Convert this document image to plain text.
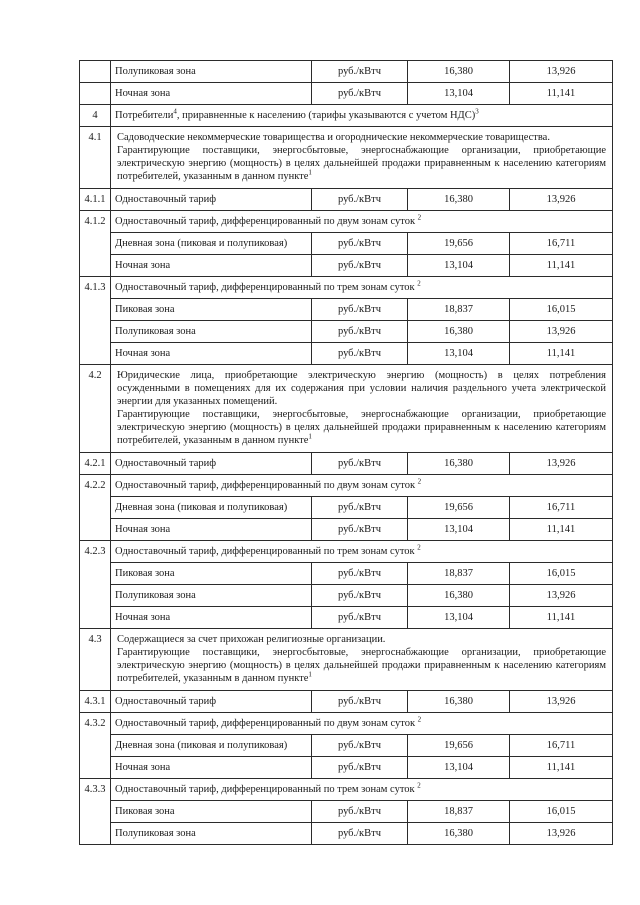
	Полупиковая зона	руб./кВтч	16,380	13,926
	Ночная зона	руб./кВтч	13,104	11,141
4	Потребители$^4$, приравненные к населению (тарифы указываются с учетом НДС)$^3$
4.1	Садоводческие некоммерческие товарищества и огороднические некоммерческие товарищества.

Гарантирующие поставщики, энергосбытовые, энергоснабжающие организации, приобретающие электрическую энергию (мощность) в целях дальнейшей продажи приравненным к населению категориям потребителей, указанным в данном пункте$^1$

4.1.1	Одноставочный тариф	руб./кВтч	16,380	13,926
4.1.2	Одноставочный тариф, дифференцированный по двум зонам суток $^2$
	Дневная зона (пиковая и полупиковая)	руб./кВтч	19,656	16,711
	Ночная зона	руб./кВтч	13,104	11,141
4.1.3	Одноставочный тариф, дифференцированный по трем зонам суток $^2$
	Пиковая зона	руб./кВтч	18,837	16,015
	Полупиковая зона	руб./кВтч	16,380	13,926
	Ночная зона	руб./кВтч	13,104	11,141
4.2	Юридические лица, приобретающие электрическую энергию (мощность) в целях потребления осужденными в помещениях для их содержания при условии наличия раздельного учета электрической энергии для указанных помещений.

Гарантирующие поставщики, энергосбытовые, энергоснабжающие организации, приобретающие электрическую энергию (мощность) в целях дальнейшей продажи приравненным к населению категориям потребителей, указанным в данном пункте$^1$

4.2.1	Одноставочный тариф	руб./кВтч	16,380	13,926
4.2.2	Одноставочный тариф, дифференцированный по двум зонам суток $^2$
	Дневная зона (пиковая и полупиковая)	руб./кВтч	19,656	16,711
	Ночная зона	руб./кВтч	13,104	11,141
4.2.3	Одноставочный тариф, дифференцированный по трем зонам суток $^2$
	Пиковая зона	руб./кВтч	18,837	16,015
	Полупиковая зона	руб./кВтч	16,380	13,926
	Ночная зона	руб./кВтч	13,104	11,141
4.3	Содержащиеся за счет прихожан религиозные организации.

Гарантирующие поставщики, энергосбытовые, энергоснабжающие организации, приобретающие электрическую энергию (мощность) в целях дальнейшей продажи приравненным к населению категориям потребителей, указанным в данном пункте$^1$

4.3.1	Одноставочный тариф	руб./кВтч	16,380	13,926
4.3.2	Одноставочный тариф, дифференцированный по двум зонам суток $^2$
	Дневная зона (пиковая и полупиковая)	руб./кВтч	19,656	16,711
	Ночная зона	руб./кВтч	13,104	11,141
4.3.3	Одноставочный тариф, дифференцированный по трем зонам суток $^2$
	Пиковая зона	руб./кВтч	18,837	16,015
	Полупиковая зона	руб./кВтч	16,380	13,926
